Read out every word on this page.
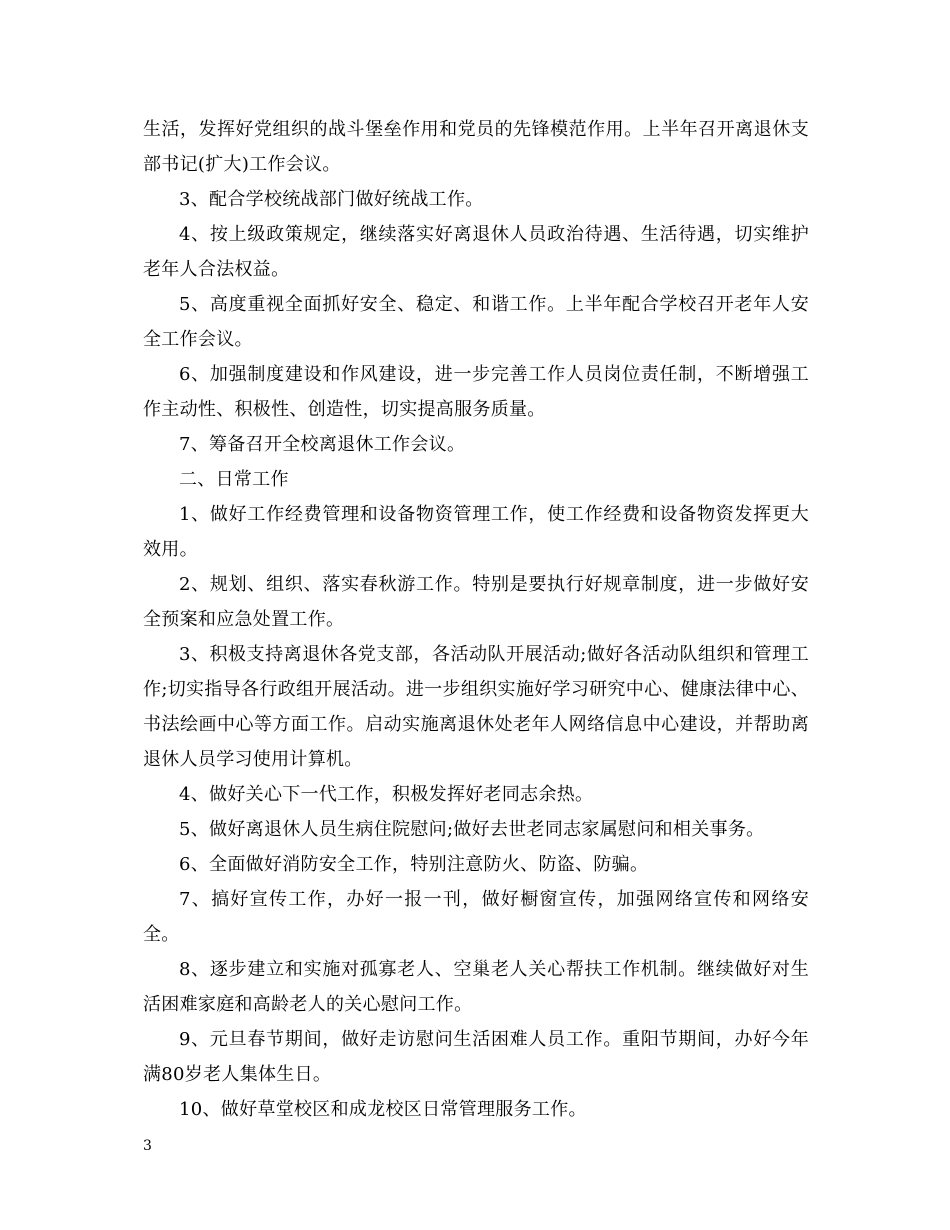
生活，发挥好党组织的战斗堡垒作用和党员的先锋模范作用。上半年召开离退休支部书记(扩大)工作会议。

3、配合学校统战部门做好统战工作。

4、按上级政策规定，继续落实好离退休人员政治待遇、生活待遇，切实维护老年人合法权益。

5、高度重视全面抓好安全、稳定、和谐工作。上半年配合学校召开老年人安全工作会议。

6、加强制度建设和作风建设，进一步完善工作人员岗位责任制，不断增强工作主动性、积极性、创造性，切实提高服务质量。

7、筹备召开全校离退休工作会议。

二、日常工作

1、做好工作经费管理和设备物资管理工作，使工作经费和设备物资发挥更大效用。

2、规划、组织、落实春秋游工作。特别是要执行好规章制度，进一步做好安全预案和应急处置工作。

3、积极支持离退休各党支部，各活动队开展活动;做好各活动队组织和管理工作;切实指导各行政组开展活动。进一步组织实施好学习研究中心、健康法律中心、书法绘画中心等方面工作。启动实施离退休处老年人网络信息中心建设，并帮助离退休人员学习使用计算机。

4、做好关心下一代工作，积极发挥好老同志余热。

5、做好离退休人员生病住院慰问;做好去世老同志家属慰问和相关事务。

6、全面做好消防安全工作，特别注意防火、防盗、防骗。

7、搞好宣传工作，办好一报一刊，做好橱窗宣传，加强网络宣传和网络安全。

8、逐步建立和实施对孤寡老人、空巢老人关心帮扶工作机制。继续做好对生活困难家庭和高龄老人的关心慰问工作。

9、元旦春节期间，做好走访慰问生活困难人员工作。重阳节期间，办好今年满80岁老人集体生日。

10、做好草堂校区和成龙校区日常管理服务工作。

3
